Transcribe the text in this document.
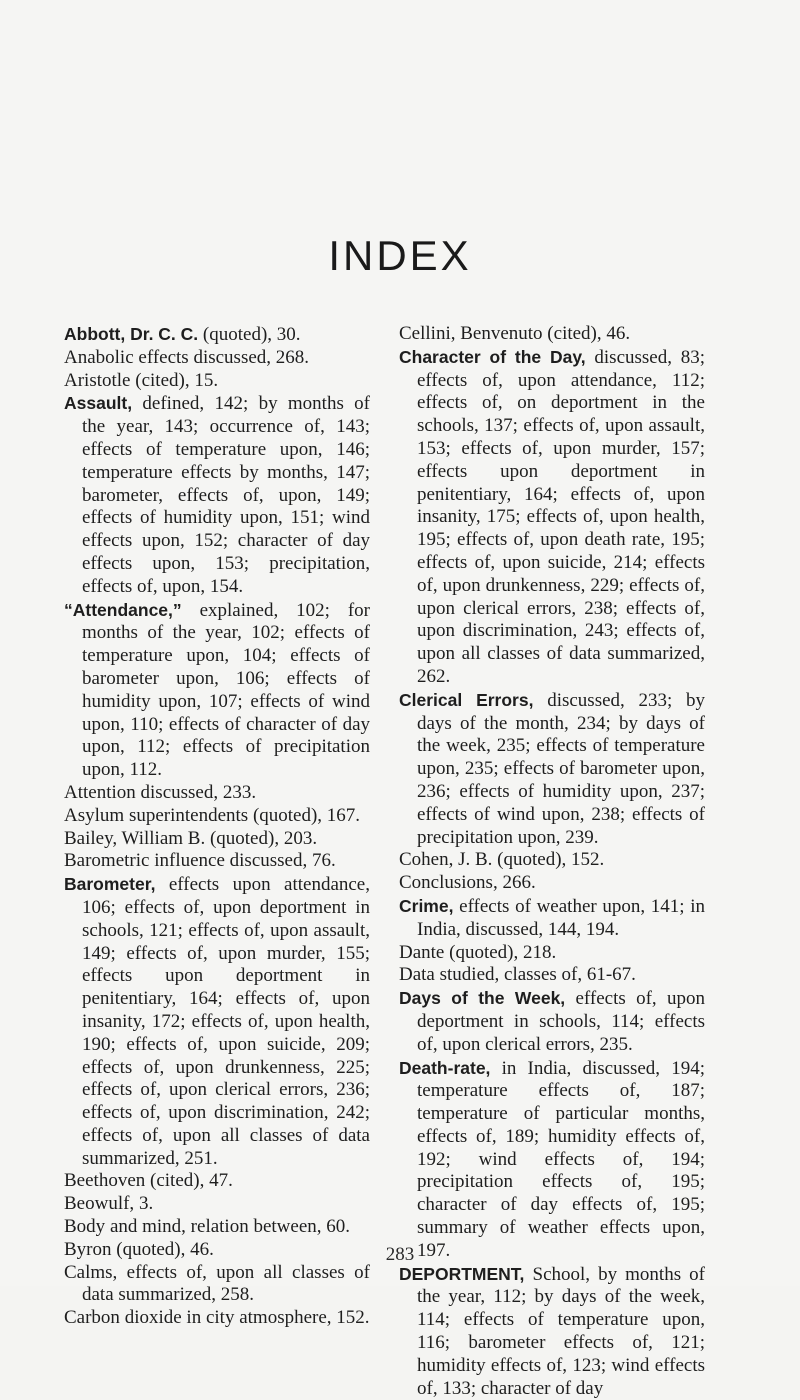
INDEX

Abbott, Dr. C. C. (quoted), 30.

Anabolic effects discussed, 268.

Aristotle (cited), 15.

Assault, defined, 142; by months of the year, 143; occurrence of, 143; effects of temperature upon, 146; temperature effects by months, 147; barometer, effects of, upon, 149; effects of humidity upon, 151; wind effects upon, 152; character of day effects upon, 153; precipitation, effects of, upon, 154.

“Attendance,” explained, 102; for months of the year, 102; effects of temperature upon, 104; effects of barometer upon, 106; effects of humidity upon, 107; effects of wind upon, 110; effects of character of day upon, 112; effects of precipitation upon, 112.

Attention discussed, 233.

Asylum superintendents (quoted), 167.

Bailey, William B. (quoted), 203.

Barometric influence discussed, 76.

Barometer, effects upon attendance, 106; effects of, upon deportment in schools, 121; effects of, upon assault, 149; effects of, upon murder, 155; effects upon deportment in penitentiary, 164; effects of, upon insanity, 172; effects of, upon health, 190; effects of, upon suicide, 209; effects of, upon drunkenness, 225; effects of, upon clerical errors, 236; effects of, upon discrimination, 242; effects of, upon all classes of data summarized, 251.

Beethoven (cited), 47.

Beowulf, 3.

Body and mind, relation between, 60.

Byron (quoted), 46.

Calms, effects of, upon all classes of data summarized, 258.

Carbon dioxide in city atmosphere, 152.

Cellini, Benvenuto (cited), 46.

Character of the Day, discussed, 83; effects of, upon attendance, 112; effects of, on deportment in the schools, 137; effects of, upon assault, 153; effects of, upon murder, 157; effects upon deportment in penitentiary, 164; effects of, upon insanity, 175; effects of, upon health, 195; effects of, upon death rate, 195; effects of, upon suicide, 214; effects of, upon drunkenness, 229; effects of, upon clerical errors, 238; effects of, upon discrimination, 243; effects of, upon all classes of data summarized, 262.

Clerical Errors, discussed, 233; by days of the month, 234; by days of the week, 235; effects of temperature upon, 235; effects of barometer upon, 236; effects of humidity upon, 237; effects of wind upon, 238; effects of precipitation upon, 239.

Cohen, J. B. (quoted), 152.

Conclusions, 266.

Crime, effects of weather upon, 141; in India, discussed, 144, 194.

Dante (quoted), 218.

Data studied, classes of, 61-67.

Days of the Week, effects of, upon deportment in schools, 114; effects of, upon clerical errors, 235.

Death-rate, in India, discussed, 194; temperature effects of, 187; temperature of particular months, effects of, 189; humidity effects of, 192; wind effects of, 194; precipitation effects of, 195; character of day effects of, 195; summary of weather effects upon, 197.

DEPORTMENT, School, by months of the year, 112; by days of the week, 114; effects of temperature upon, 116; barometer effects of, 121; humidity effects of, 123; wind effects of, 133; character of day

283
